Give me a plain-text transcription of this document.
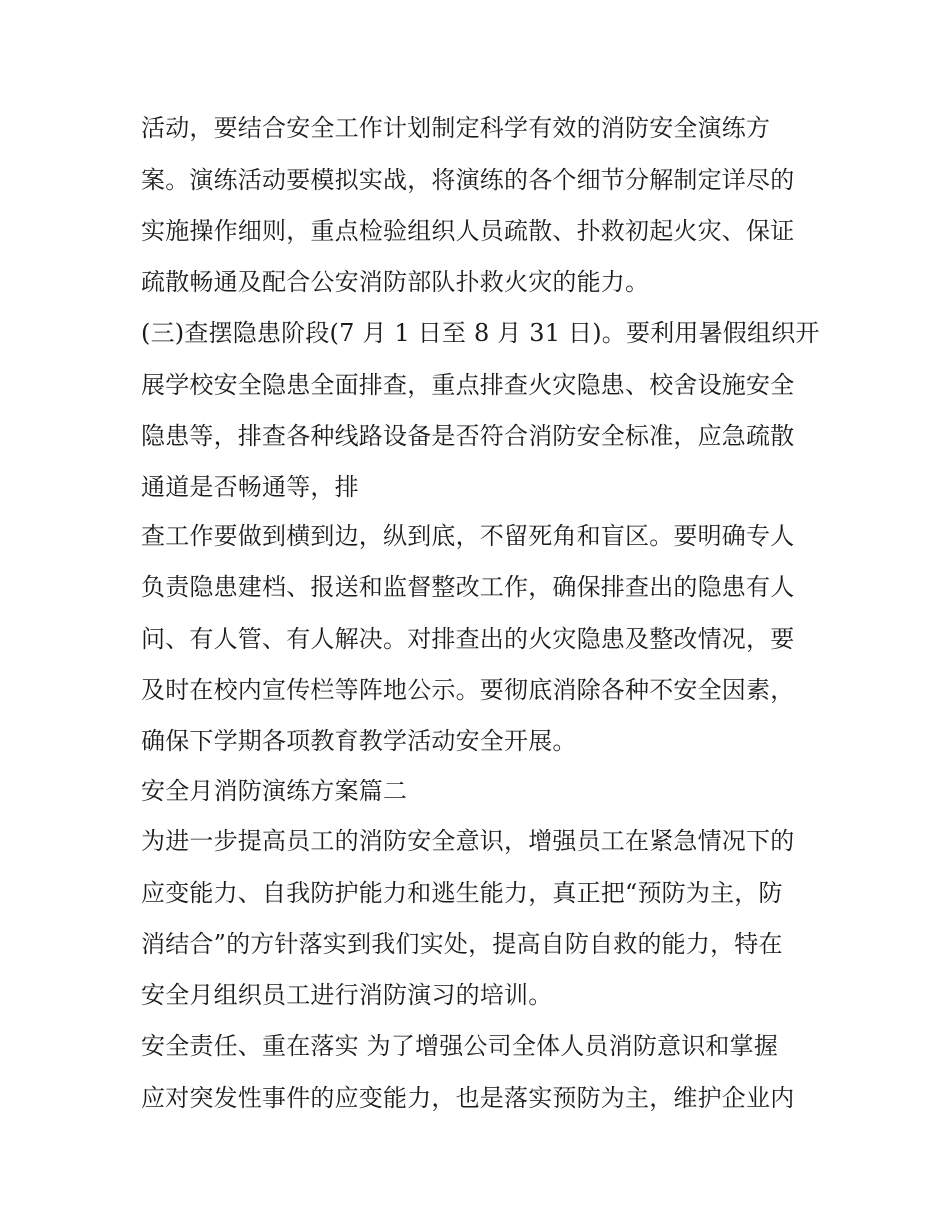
活动，要结合安全工作计划制定科学有效的消防安全演练方
案。演练活动要模拟实战，将演练的各个细节分解制定详尽的
实施操作细则，重点检验组织人员疏散、扑救初起火灾、保证
疏散畅通及配合公安消防部队扑救火灾的能力。
(三)查摆隐患阶段(7 月 1 日至 8 月 31 日)。要利用暑假组织开
展学校安全隐患全面排查，重点排查火灾隐患、校舍设施安全
隐患等，排查各种线路设备是否符合消防安全标准，应急疏散
通道是否畅通等，排
查工作要做到横到边，纵到底，不留死角和盲区。要明确专人
负责隐患建档、报送和监督整改工作，确保排查出的隐患有人
问、有人管、有人解决。对排查出的火灾隐患及整改情况，要
及时在校内宣传栏等阵地公示。要彻底消除各种不安全因素，
确保下学期各项教育教学活动安全开展。
安全月消防演练方案篇二
为进一步提高员工的消防安全意识，增强员工在紧急情况下的
应变能力、自我防护能力和逃生能力，真正把“预防为主，防
消结合”的方针落实到我们实处，提高自防自救的能力，特在
安全月组织员工进行消防演习的培训。
安全责任、重在落实 为了增强公司全体人员消防意识和掌握
应对突发性事件的应变能力，也是落实预防为主，维护企业内
